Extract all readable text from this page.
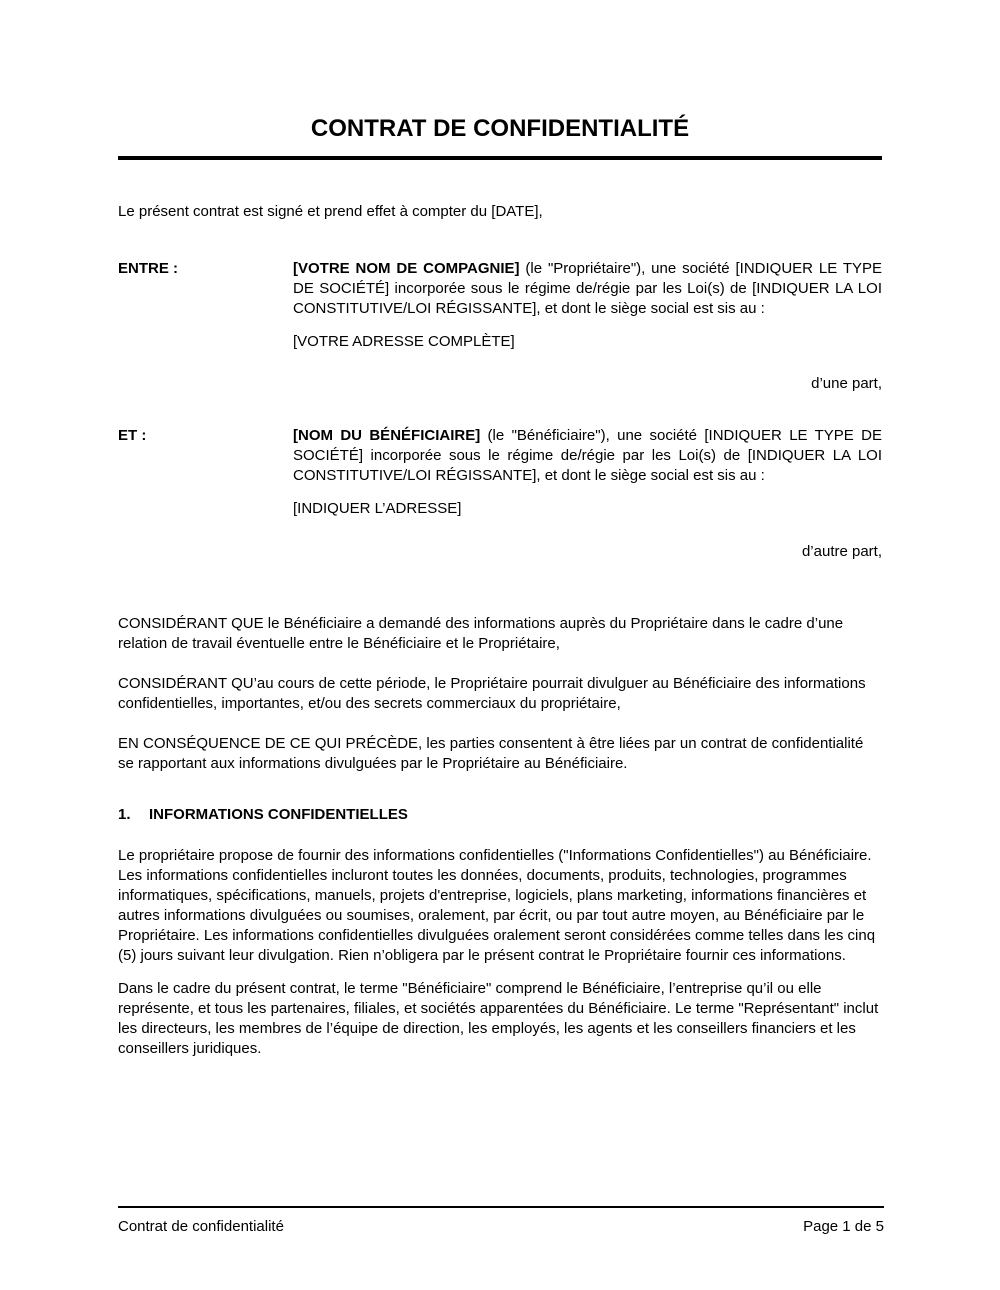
CONTRAT DE CONFIDENTIALITÉ

Le présent contrat est signé et prend effet à compter du [DATE],

ENTRE :	[VOTRE NOM DE COMPAGNIE] (le "Propriétaire"), une société [INDIQUER LE TYPE DE SOCIÉTÉ] incorporée sous le régime de/régie par les Loi(s) de [INDIQUER LA LOI CONSTITUTIVE/LOI RÉGISSANTE], et dont le siège social est sis au :

[VOTRE ADRESSE COMPLÈTE]

d’une part,
ET :	[NOM DU BÉNÉFICIAIRE] (le "Bénéficiaire"), une société [INDIQUER LE TYPE DE SOCIÉTÉ] incorporée sous le régime de/régie par les Loi(s) de [INDIQUER LA LOI CONSTITUTIVE/LOI RÉGISSANTE], et dont le siège social est sis au :

[INDIQUER L’ADRESSE]

d’autre part,

CONSIDÉRANT QUE le Bénéficiaire a demandé des informations auprès du Propriétaire dans le cadre d’une relation de travail éventuelle entre le Bénéficiaire et le Propriétaire,

CONSIDÉRANT QU’au cours de cette période, le Propriétaire pourrait divulguer au Bénéficiaire des informations confidentielles, importantes, et/ou des secrets commerciaux du propriétaire,

EN CONSÉQUENCE DE CE QUI PRÉCÈDE, les parties consentent à être liées par un contrat de confidentialité se rapportant aux informations divulguées par le Propriétaire au Bénéficiaire.

1. INFORMATIONS CONFIDENTIELLES

Le propriétaire propose de fournir des informations confidentielles ("Informations Confidentielles") au Bénéficiaire. Les informations confidentielles incluront toutes les données, documents, produits, technologies, programmes informatiques, spécifications, manuels, projets d'entreprise, logiciels, plans marketing, informations financières et autres informations divulguées ou soumises, oralement, par écrit, ou par tout autre moyen, au Bénéficiaire par le Propriétaire. Les informations confidentielles divulguées oralement seront considérées comme telles dans les cinq (5) jours suivant leur divulgation. Rien n’obligera par le présent contrat le Propriétaire fournir ces informations.

Dans le cadre du présent contrat, le terme "Bénéficiaire" comprend le Bénéficiaire, l’entreprise qu’il ou elle représente, et tous les partenaires, filiales, et sociétés apparentées du Bénéficiaire. Le terme "Représentant" inclut les directeurs, les membres de l’équipe de direction, les employés, les agents et les conseillers financiers et les conseillers juridiques.

Contrat de confidentialité	Page 1 de 5
